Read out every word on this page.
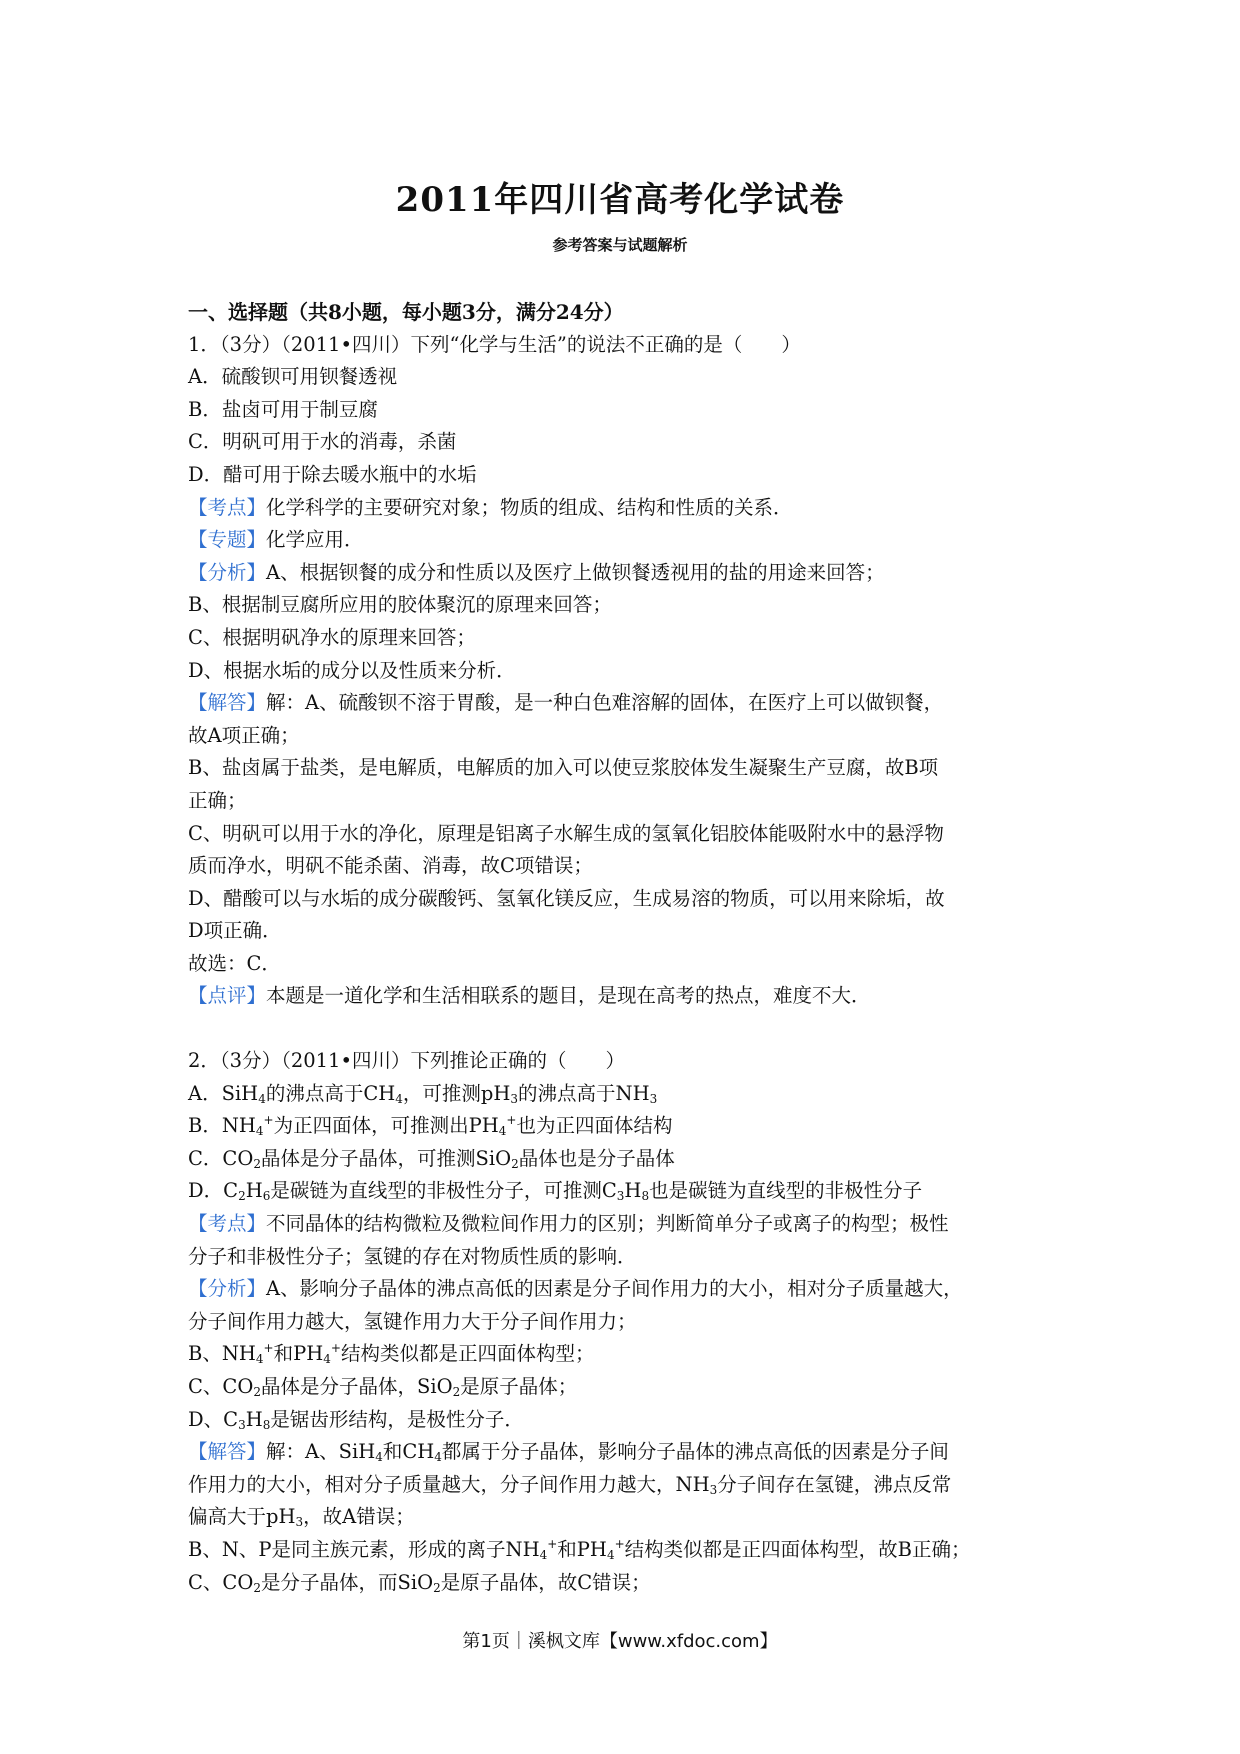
2011年四川省高考化学试卷
参考答案与试题解析
一、选择题（共8小题，每小题3分，满分24分）
1．（3分）（2011•四川）下列“化学与生活”的说法不正确的是（　　）
A．硫酸钡可用钡餐透视
B．盐卤可用于制豆腐
C．明矾可用于水的消毒，杀菌
D．醋可用于除去暖水瓶中的水垢
【考点】化学科学的主要研究对象；物质的组成、结构和性质的关系．
【专题】化学应用．
【分析】A、根据钡餐的成分和性质以及医疗上做钡餐透视用的盐的用途来回答；
B、根据制豆腐所应用的胶体聚沉的原理来回答；
C、根据明矾净水的原理来回答；
D、根据水垢的成分以及性质来分析．
【解答】解：A、硫酸钡不溶于胃酸，是一种白色难溶解的固体，在医疗上可以做钡餐，
故A项正确；
B、盐卤属于盐类，是电解质，电解质的加入可以使豆浆胶体发生凝聚生产豆腐，故B项
正确；
C、明矾可以用于水的净化，原理是铝离子水解生成的氢氧化铝胶体能吸附水中的悬浮物
质而净水，明矾不能杀菌、消毒，故C项错误；
D、醋酸可以与水垢的成分碳酸钙、氢氧化镁反应，生成易溶的物质，可以用来除垢，故
D项正确．
故选：C．
【点评】本题是一道化学和生活相联系的题目，是现在高考的热点，难度不大．
2．（3分）（2011•四川）下列推论正确的（　　）
A．SiH$_4$的沸点高于$CH_4$，可推测$pH_3$的沸点高于$NH_3$
B．$NH_4^+$为正四面体，可推测出$PH_4^+$也为正四面体结构
C．$CO_2$晶体是分子晶体，可推测SiO$_2$晶体也是分子晶体
D．$C_2H_6$是碳链为直线型的非极性分子，可推测$C_3H_8$也是碳链为直线型的非极性分子
【考点】不同晶体的结构微粒及微粒间作用力的区别；判断简单分子或离子的构型；极性
分子和非极性分子；氢键的存在对物质性质的影响．
【分析】A、影响分子晶体的沸点高低的因素是分子间作用力的大小，相对分子质量越大，
分子间作用力越大，氢键作用力大于分子间作用力；
B、$NH_4^+$和$PH_4^+$结构类似都是正四面体构型；
C、$CO_2$晶体是分子晶体，SiO$_2$是原子晶体；
D、$C_3H_8$是锯齿形结构，是极性分子．
【解答】解：A、SiH$_4$和$CH_4$都属于分子晶体，影响分子晶体的沸点高低的因素是分子间
作用力的大小，相对分子质量越大，分子间作用力越大，$NH_3$分子间存在氢键，沸点反常
偏高大于$pH_3$，故A错误；
B、N、P是同主族元素，形成的离子$NH_4^+$和$PH_4^+$结构类似都是正四面体构型，故B正确；
C、$CO_2$是分子晶体，而SiO$_2$是原子晶体，故C错误；
第1页｜溪枫文库【www.xfdoc.com】
